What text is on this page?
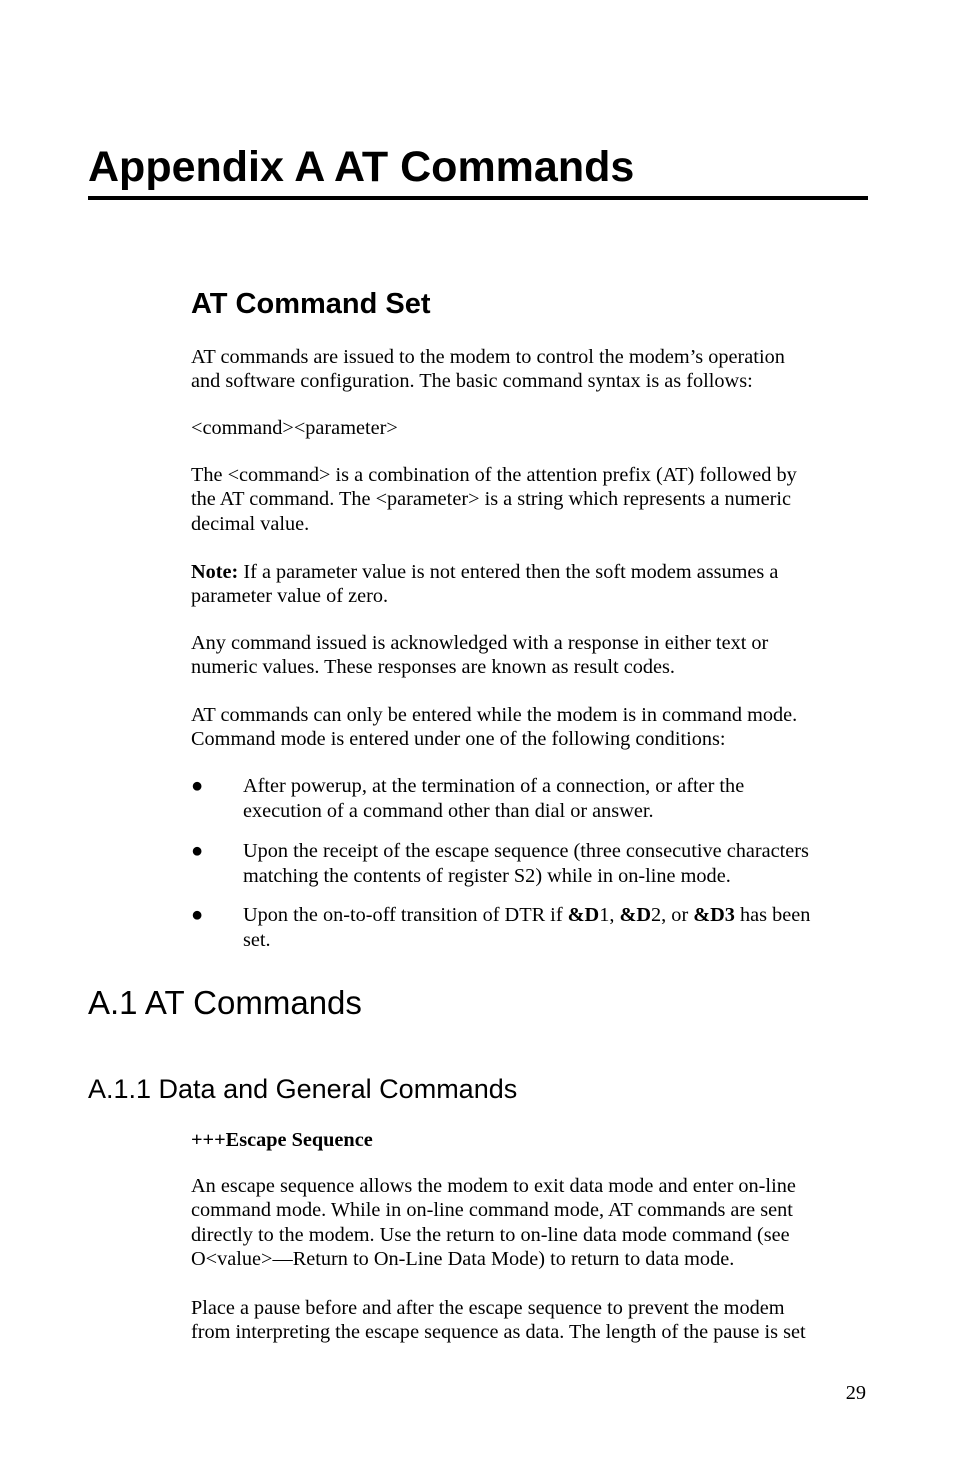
Appendix A AT Commands
AT Command Set

AT commands are issued to the modem to control the modem’s operation
and software configuration. The basic command syntax is as follows:

<command><parameter>

The <command> is a combination of the attention prefix (AT) followed by
the AT command. The <parameter> is a string which represents a numeric
decimal value.

Note: If a parameter value is not entered then the soft modem assumes a
parameter value of zero.

Any command issued is acknowledged with a response in either text or
numeric values. These responses are known as result codes.

AT commands can only be entered while the modem is in command mode.
Command mode is entered under one of the following conditions:

●	After powerup, at the termination of a connection, or after the
execution of a command other than dial or answer.
●	Upon the receipt of the escape sequence (three consecutive characters
matching the contents of register S2) while in on-line mode.
●	Upon the on-to-off transition of DTR if &D1, &D2, or &D3 has been
set.
A.1 AT Commands
A.1.1 Data and General Commands

+++Escape Sequence

An escape sequence allows the modem to exit data mode and enter on-line
command mode. While in on-line command mode, AT commands are sent
directly to the modem. Use the return to on-line data mode command (see
O<value>—Return to On-Line Data Mode) to return to data mode.

Place a pause before and after the escape sequence to prevent the modem
from interpreting the escape sequence as data. The length of the pause is set

29
